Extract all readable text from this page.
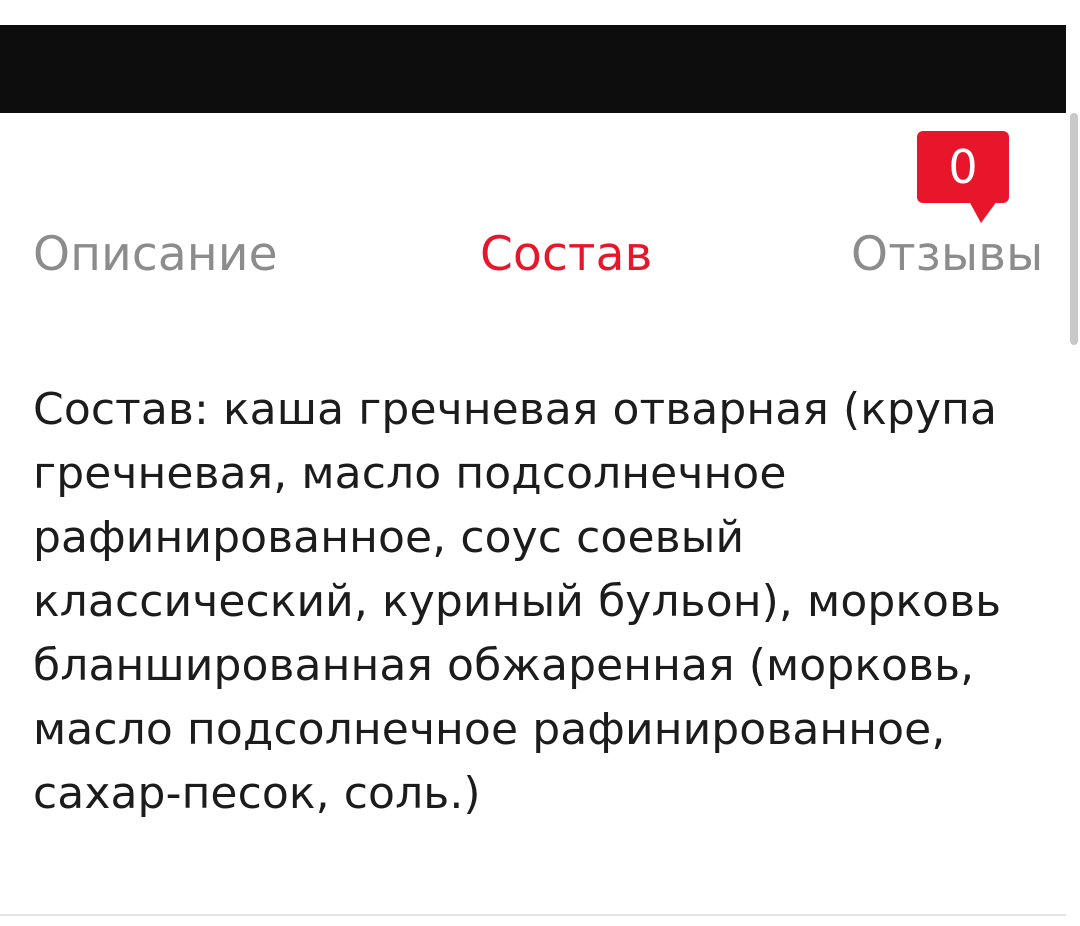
Описание	Состав	Отзывы
0
Состав: каша гречневая отварная (крупа гречневая, масло подсолнечное рафинированное, соус соевый классический, куриный бульон), морковь бланшированная обжаренная (морковь, масло подсолнечное рафинированное, сахар-песок, соль.)
